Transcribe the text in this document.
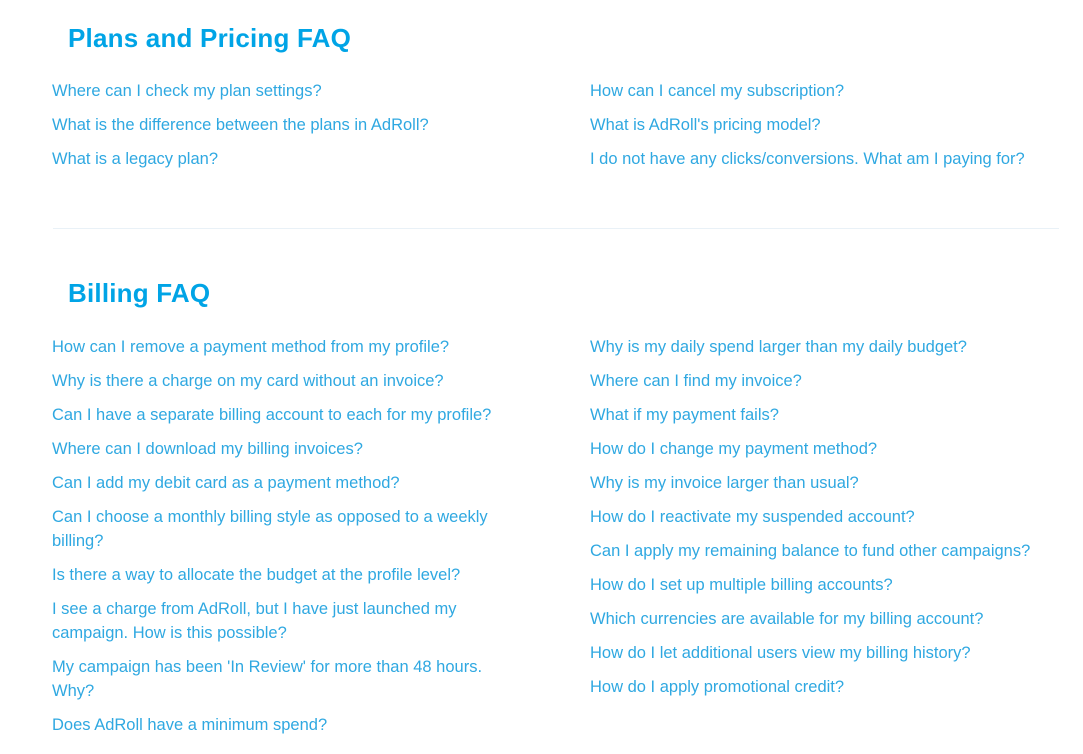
Plans and Pricing FAQ
Where can I check my plan settings?
What is the difference between the plans in AdRoll?
What is a legacy plan?
How can I cancel my subscription?
What is AdRoll's pricing model?
I do not have any clicks/conversions. What am I paying for?
Billing FAQ
How can I remove a payment method from my profile?
Why is there a charge on my card without an invoice?
Can I have a separate billing account to each for my profile?
Where can I download my billing invoices?
Can I add my debit card as a payment method?
Can I choose a monthly billing style as opposed to a weekly billing?
Is there a way to allocate the budget at the profile level?
I see a charge from AdRoll, but I have just launched my campaign. How is this possible?
My campaign has been 'In Review' for more than 48 hours. Why?
Does AdRoll have a minimum spend?
Why is my daily spend larger than my daily budget?
Where can I find my invoice?
What if my payment fails?
How do I change my payment method?
Why is my invoice larger than usual?
How do I reactivate my suspended account?
Can I apply my remaining balance to fund other campaigns?
How do I set up multiple billing accounts?
Which currencies are available for my billing account?
How do I let additional users view my billing history?
How do I apply promotional credit?
